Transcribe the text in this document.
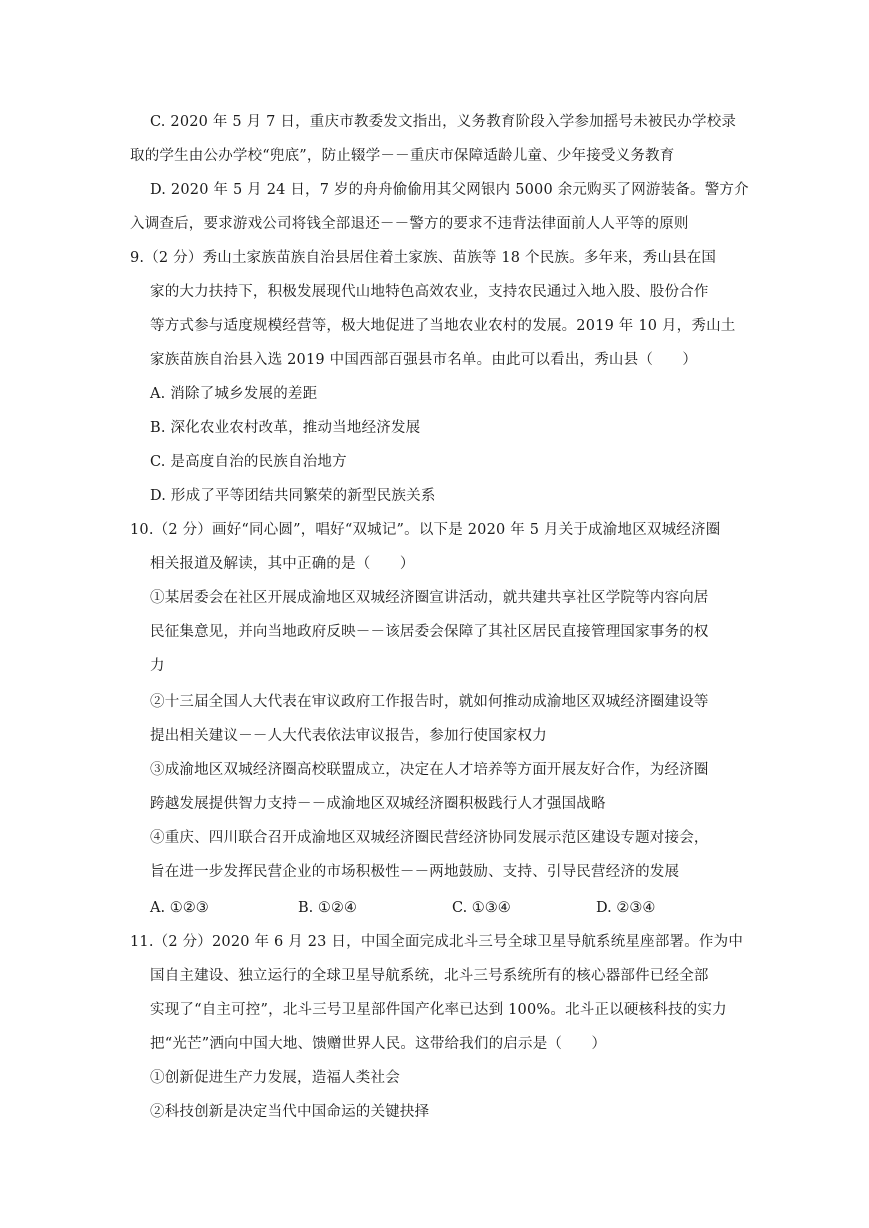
C. 2020 年 5 月 7 日，重庆市教委发文指出，义务教育阶段入学参加摇号未被民办学校录
取的学生由公办学校“兜底”，防止辍学－－重庆市保障适龄儿童、少年接受义务教育
D. 2020 年 5 月 24 日，7 岁的舟舟偷偷用其父网银内 5000 余元购买了网游装备。警方介
入调查后，要求游戏公司将钱全部退还－－警方的要求不违背法律面前人人平等的原则
9.（2 分）秀山土家族苗族自治县居住着土家族、苗族等 18 个民族。多年来，秀山县在国
家的大力扶持下，积极发展现代山地特色高效农业，支持农民通过入地入股、股份合作
等方式参与适度规模经营等，极大地促进了当地农业农村的发展。2019 年 10 月，秀山土
家族苗族自治县入选 2019 中国西部百强县市名单。由此可以看出，秀山县（　　）
A. 消除了城乡发展的差距
B. 深化农业农村改革，推动当地经济发展
C. 是高度自治的民族自治地方
D. 形成了平等团结共同繁荣的新型民族关系
10.（2 分）画好“同心圆”，唱好“双城记”。以下是 2020 年 5 月关于成渝地区双城经济圈
相关报道及解读，其中正确的是（　　）
①某居委会在社区开展成渝地区双城经济圈宣讲活动，就共建共享社区学院等内容向居
民征集意见，并向当地政府反映－－该居委会保障了其社区居民直接管理国家事务的权
力
②十三届全国人大代表在审议政府工作报告时，就如何推动成渝地区双城经济圈建设等
提出相关建议－－人大代表依法审议报告，参加行使国家权力
③成渝地区双城经济圈高校联盟成立，决定在人才培养等方面开展友好合作，为经济圈
跨越发展提供智力支持－－成渝地区双城经济圈积极践行人才强国战略
④重庆、四川联合召开成渝地区双城经济圈民营经济协同发展示范区建设专题对接会，
旨在进一步发挥民营企业的市场积极性－－两地鼓励、支持、引导民营经济的发展
A. ①②③	B. ①②④	C. ①③④	D. ②③④
11.（2 分）2020 年 6 月 23 日，中国全面完成北斗三号全球卫星导航系统星座部署。作为中
国自主建设、独立运行的全球卫星导航系统，北斗三号系统所有的核心器部件已经全部
实现了“自主可控”，北斗三号卫星部件国产化率已达到 100%。北斗正以硬核科技的实力
把“光芒”洒向中国大地、馈赠世界人民。这带给我们的启示是（　　）
①创新促进生产力发展，造福人类社会
②科技创新是决定当代中国命运的关键抉择
